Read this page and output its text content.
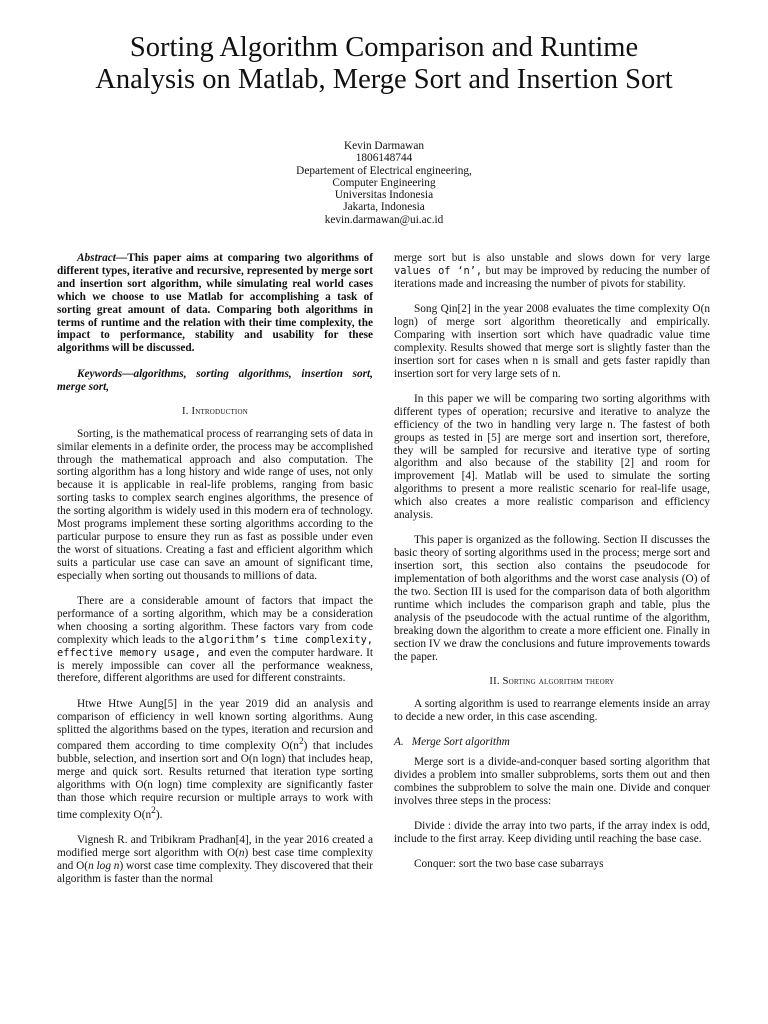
Sorting Algorithm Comparison and Runtime
Analysis on Matlab, Merge Sort and Insertion Sort
Kevin Darmawan
1806148744
Departement of Electrical engineering,
Computer Engineering
Universitas Indonesia
Jakarta, Indonesia
kevin.darmawan@ui.ac.id

Abstract—This paper aims at comparing two algorithms of different types, iterative and recursive, represented by merge sort and insertion sort algorithm, while simulating real world cases which we choose to use Matlab for accomplishing a task of sorting great amount of data. Comparing both algorithms in terms of runtime and the relation with their time complexity, the impact to performance, stability and usability for these algorithms will be discussed.

Keywords—algorithms, sorting algorithms, insertion sort, merge sort,

I. Introduction

Sorting, is the mathematical process of rearranging sets of data in similar elements in a definite order, the process may be accomplished through the mathematical approach and also computation. The sorting algorithm has a long history and wide range of uses, not only because it is applicable in real-life problems, ranging from basic sorting tasks to complex search engines algorithms, the presence of the sorting algorithm is widely used in this modern era of technology. Most programs implement these sorting algorithms according to the particular purpose to ensure they run as fast as possible under even the worst of situations. Creating a fast and efficient algorithm which suits a particular use case can save an amount of significant time, especially when sorting out thousands to millions of data.

There are a considerable amount of factors that impact the performance of a sorting algorithm, which may be a consideration when choosing a sorting algorithm. These factors vary from code complexity which leads to the algorithm’s time complexity, effective memory usage, and even the computer hardware. It is merely impossible can cover all the performance weakness, therefore, different algorithms are used for different constraints.

Htwe Htwe Aung[5] in the year 2019 did an analysis and comparison of efficiency in well known sorting algorithms. Aung splitted the algorithms based on the types, iteration and recursion and compared them according to time complexity $O(n^2)$ that includes bubble, selection, and insertion sort and O(n logn) that includes heap, merge and quick sort. Results returned that iteration type sorting algorithms with O(n logn) time complexity are significantly faster than those which require recursion or multiple arrays to work with time complexity $O(n^2)$.

Vignesh R. and Tribikram Pradhan[4], in the year 2016 created a modified merge sort algorithm with O(n) best case time complexity and O(n log n) worst case time complexity. They discovered that their algorithm is faster than the normal

merge sort but is also unstable and slows down for very large values of ‘n’, but may be improved by reducing the number of iterations made and increasing the number of pivots for stability.

Song Qin[2] in the year 2008 evaluates the time complexity O(n logn) of merge sort algorithm theoretically and empirically. Comparing with insertion sort which have quadradic value time complexity. Results showed that merge sort is slightly faster than the insertion sort for cases when n is small and gets faster rapidly than insertion sort for very large sets of n.

In this paper we will be comparing two sorting algorithms with different types of operation; recursive and iterative to analyze the efficiency of the two in handling very large n. The fastest of both groups as tested in [5] are merge sort and insertion sort, therefore, they will be sampled for recursive and iterative type of sorting algorithm and also because of the stability [2] and room for improvement [4]. Matlab will be used to simulate the sorting algorithms to present a more realistic scenario for real-life usage, which also creates a more realistic comparison and efficiency analysis.

This paper is organized as the following. Section II discusses the basic theory of sorting algorithms used in the process; merge sort and insertion sort, this section also contains the pseudocode for implementation of both algorithms and the worst case analysis (O) of the two. Section III is used for the comparison data of both algorithm runtime which includes the comparison graph and table, plus the analysis of the pseudocode with the actual runtime of the algorithm, breaking down the algorithm to create a more efficient one. Finally in section IV we draw the conclusions and future improvements towards the paper.

II. Sorting algorithm theory

A sorting algorithm is used to rearrange elements inside an array to decide a new order, in this case ascending.

A. Merge Sort algorithm

Merge sort is a divide-and-conquer based sorting algorithm that divides a problem into smaller subproblems, sorts them out and then combines the subproblem to solve the main one. Divide and conquer involves three steps in the process:

Divide : divide the array into two parts, if the array index is odd, include to the first array. Keep dividing until reaching the base case.

Conquer: sort the two base case subarrays
